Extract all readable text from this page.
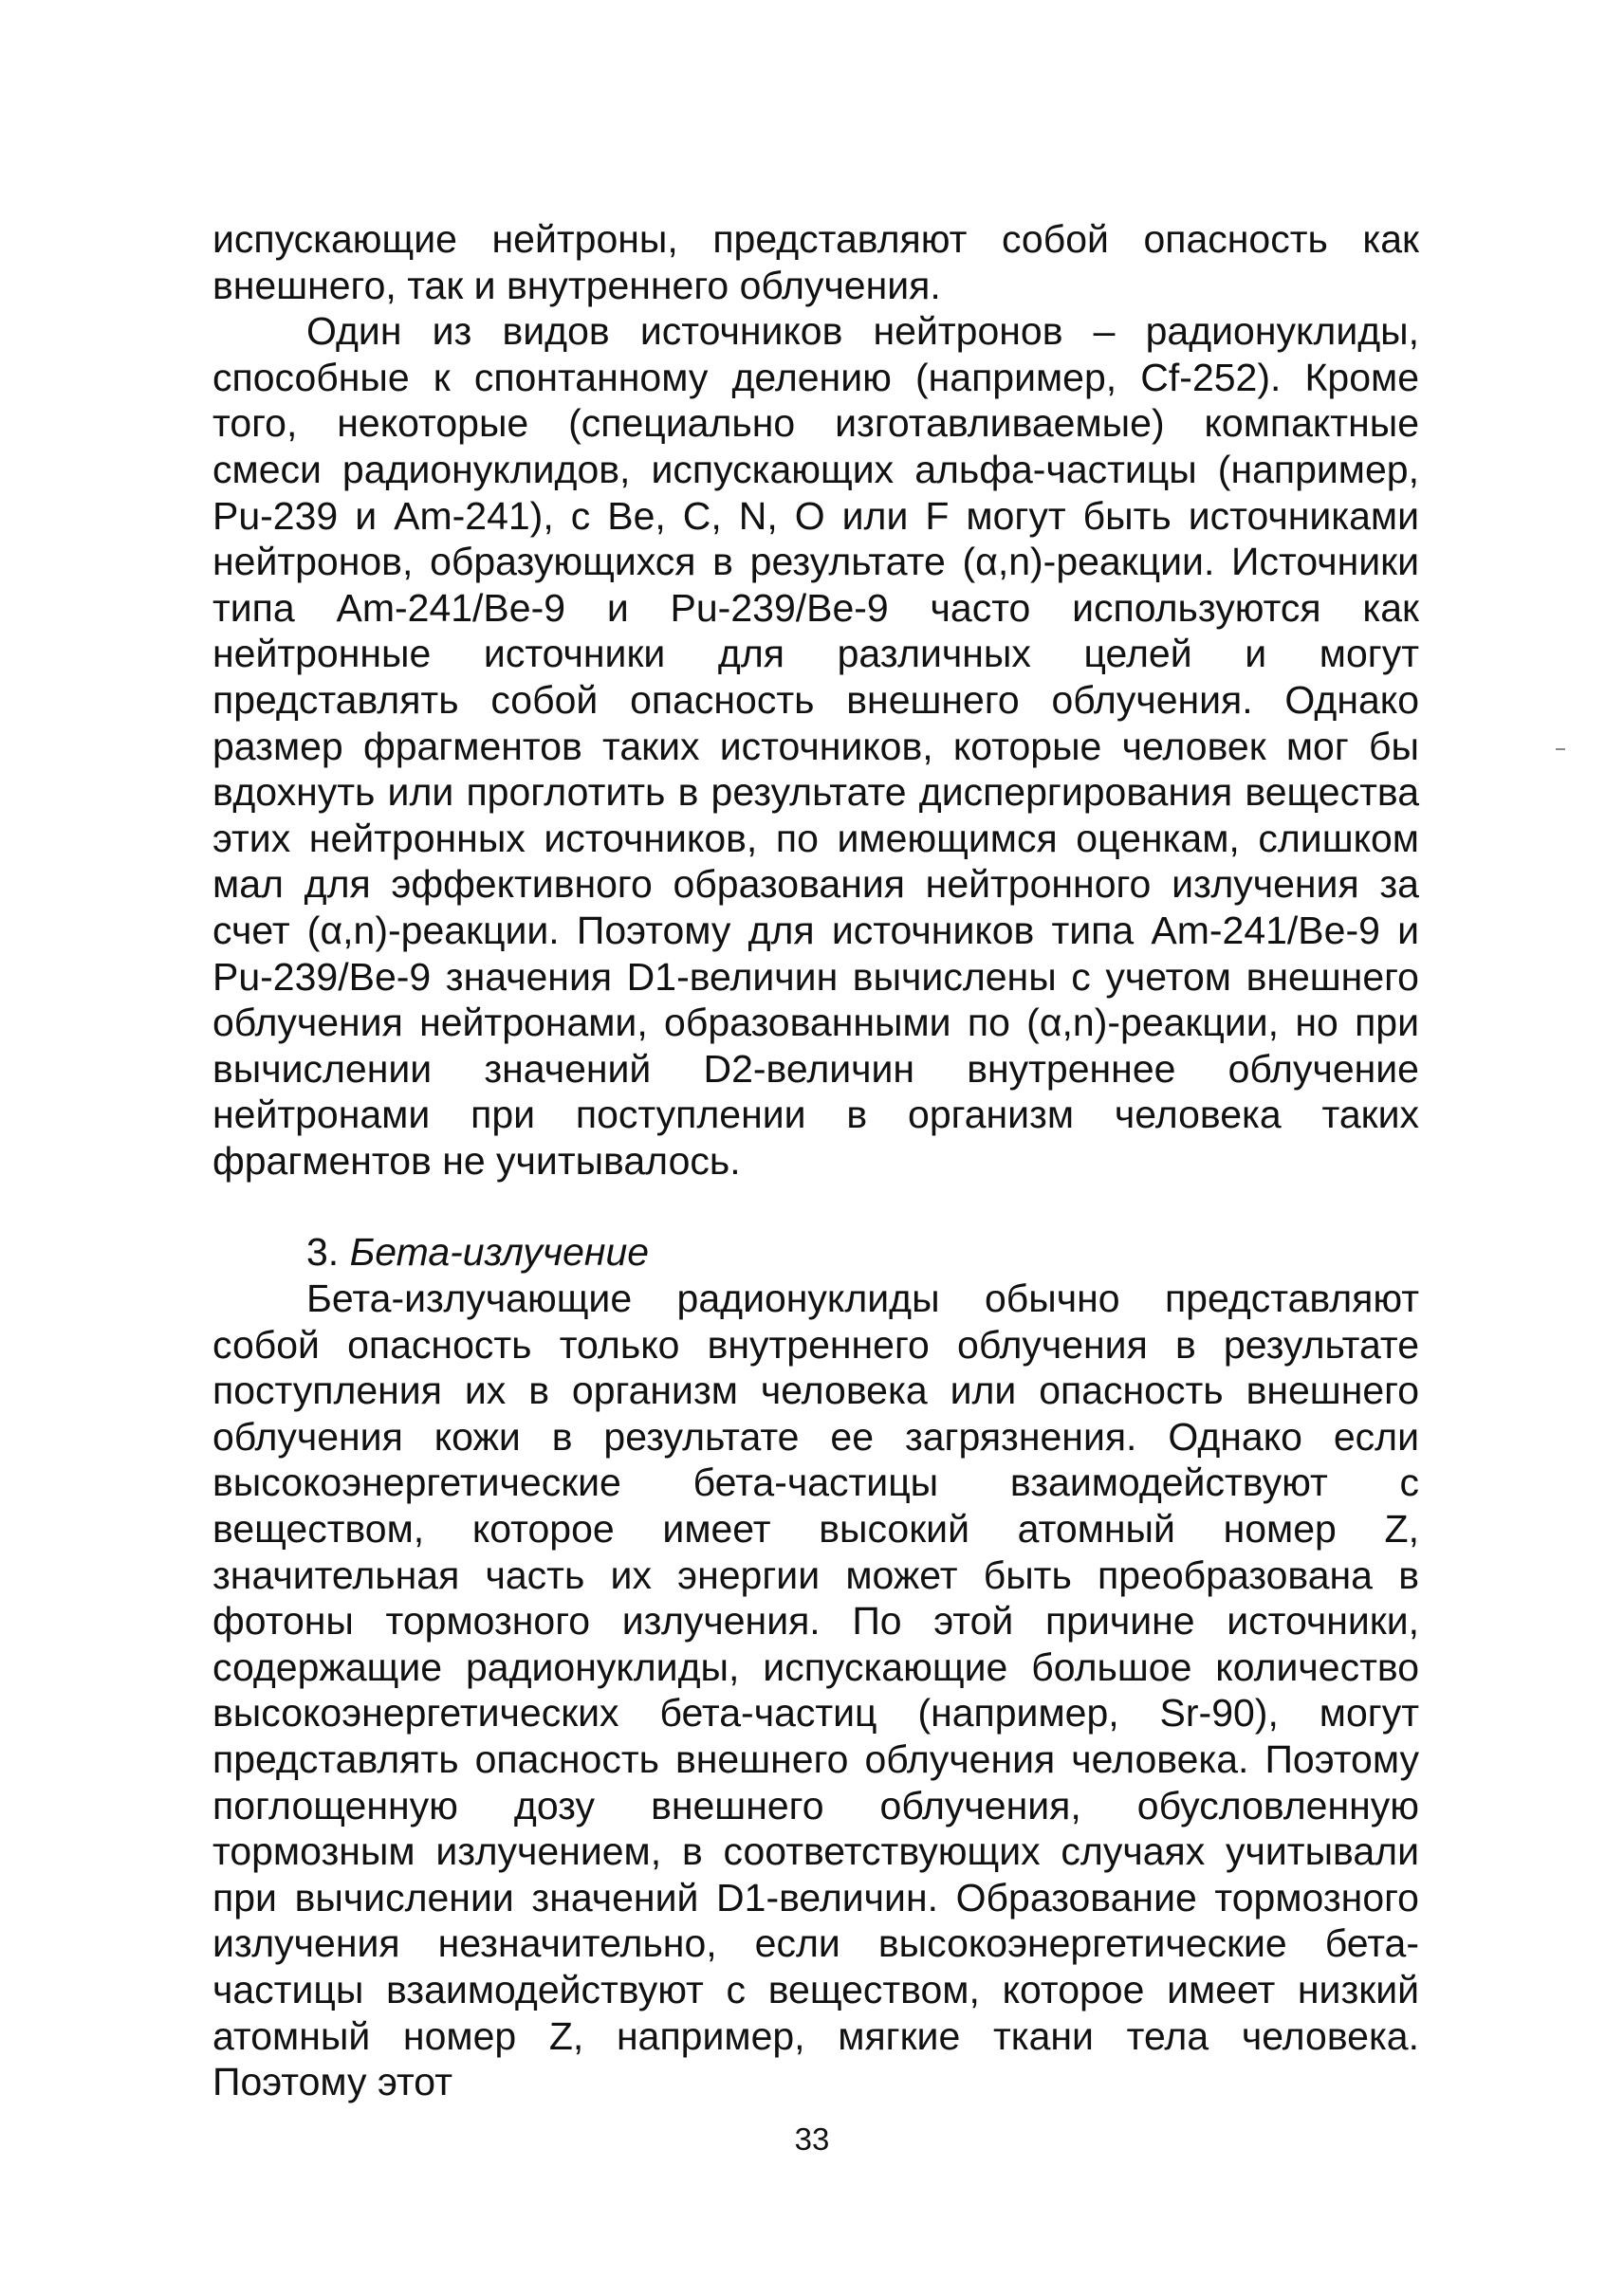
испускающие нейтроны, представляют собой опасность как внешнего, так и внутреннего облучения.

Один из видов источников нейтронов – радионуклиды, способные к спонтанному делению (например, Cf-252). Кроме того, некоторые (специально изготавливаемые) компактные смеси радионуклидов, испускающих альфа-частицы (например, Pu-239 и Am-241), с Be, C, N, O или F могут быть источниками нейтронов, образующихся в результате (α,n)-реакции. Источники типа Am-241/Be-9 и Pu-239/Be-9 часто используются как нейтронные источники для различных целей и могут представлять собой опасность внешнего облучения. Однако размер фрагментов таких источников, которые человек мог бы вдохнуть или проглотить в результате диспергирования вещества этих нейтронных источников, по имеющимся оценкам, слишком мал для эффективного образования нейтронного излучения за счет (α,n)-реакции. Поэтому для источников типа Am-241/Be-9 и Pu-239/Be-9 значения D1-величин вычислены с учетом внешнего облучения нейтронами, образованными по (α,n)-реакции, но при вычислении значений D2-величин внутреннее облучение нейтронами при поступлении в организм человека таких фрагментов не учитывалось.

3. Бета-излучение

Бета-излучающие радионуклиды обычно представляют собой опасность только внутреннего облучения в результате поступления их в организм человека или опасность внешнего облучения кожи в результате ее загрязнения. Однако если высокоэнергетические бета-частицы взаимодействуют с веществом, которое имеет высокий атомный номер Z, значительная часть их энергии может быть преобразована в фотоны тормозного излучения. По этой причине источники, содержащие радионуклиды, испускающие большое количество высокоэнергетических бета-частиц (например, Sr-90), могут представлять опасность внешнего облучения человека. Поэтому поглощенную дозу внешнего облучения, обусловленную тормозным излучением, в соответствующих случаях учитывали при вычислении значений D1-величин. Образование тормозного излучения незначительно, если высокоэнергетические бета-частицы взаимодействуют с веществом, которое имеет низкий атомный номер Z, например, мягкие ткани тела человека. Поэтому этот

33
